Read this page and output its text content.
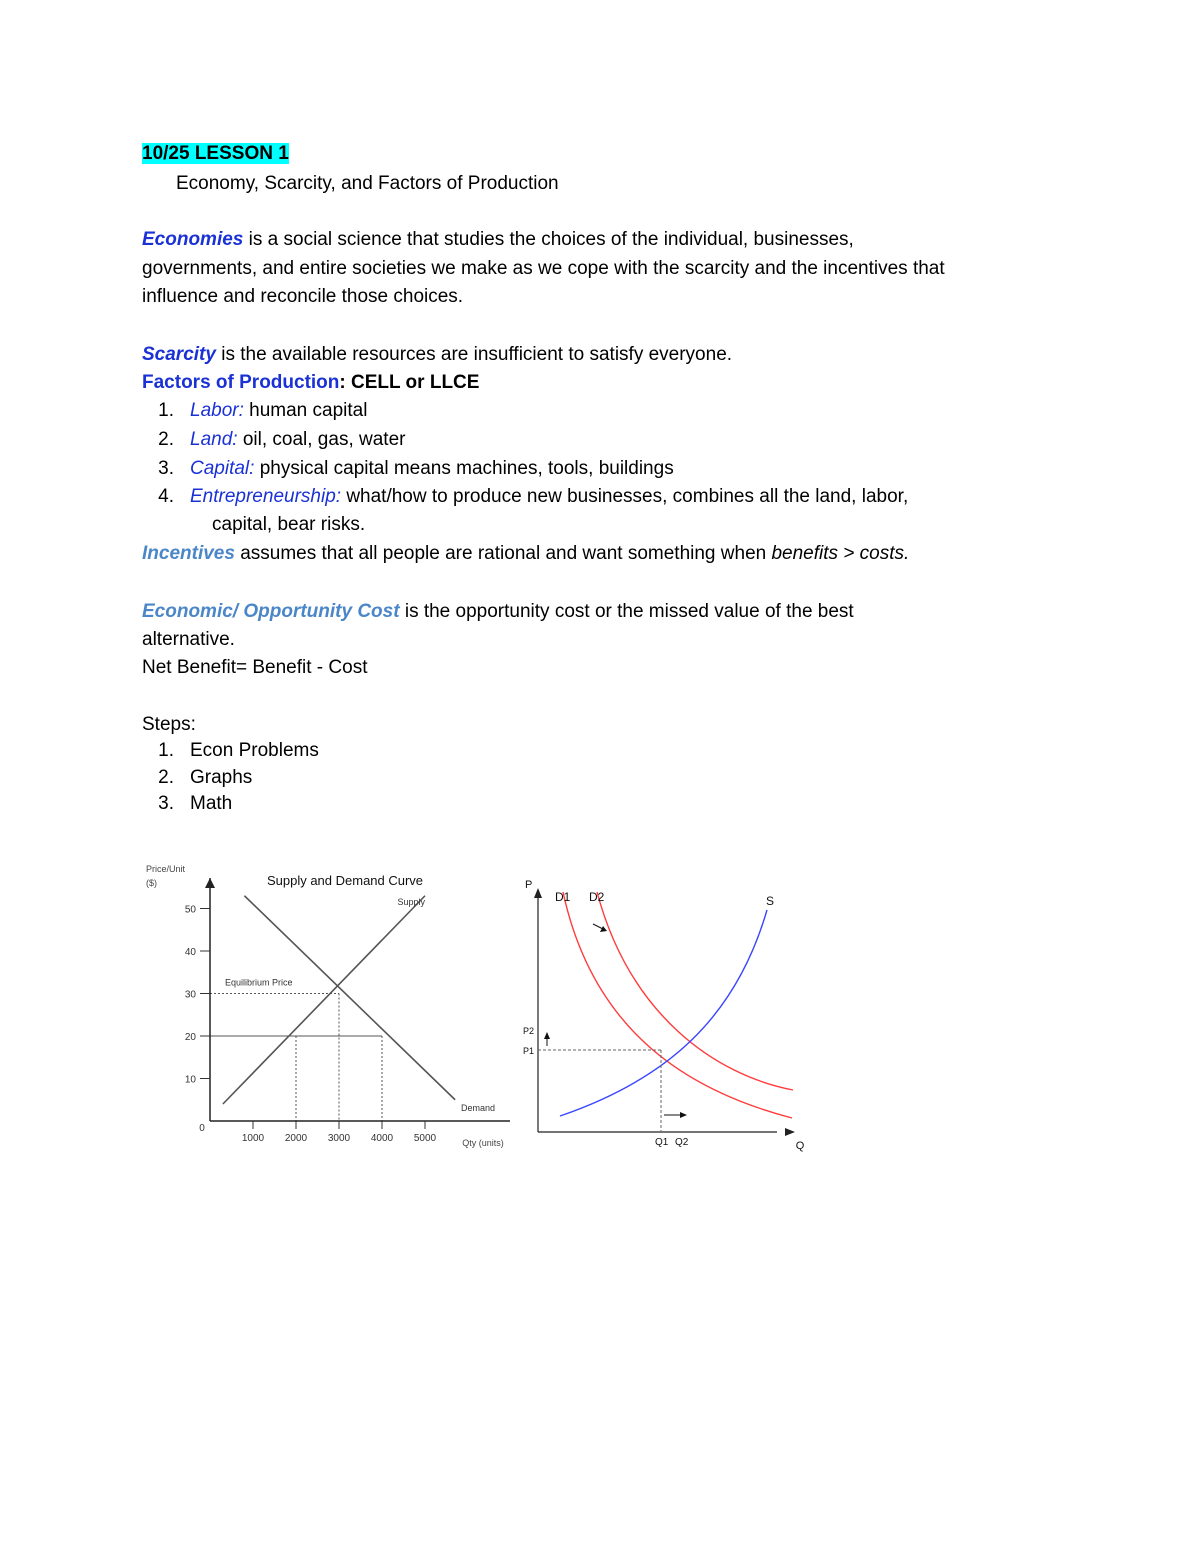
10/25 LESSON 1
Economy, Scarcity, and Factors of Production
Economies is a social science that studies the choices of the individual, businesses,
governments, and entire societies we make as we cope with the scarcity and the incentives that
influence and reconcile those choices.
Scarcity is the available resources are insufficient to satisfy everyone.
Factors of Production: CELL or LLCE
1. Labor: human capital
2. Land: oil, coal, gas, water
3. Capital: physical capital means machines, tools, buildings
4. Entrepreneurship: what/how to produce new businesses, combines all the land, labor,
capital, bear risks.
Incentives assumes that all people are rational and want something when benefits > costs.
Economic/ Opportunity Cost is the opportunity cost or the missed value of the best
alternative.
Net Benefit= Benefit - Cost
Steps:
1. Econ Problems
2. Graphs
3. Math
10
20
30
40
50
1000 2000 3000 4000 5000
0
Supply and Demand Curve
Supply
Demand
Equilibrium Price
Price/Unit
($)
Qty (units)
P
Q
D1 D2	S
P2
P1
Q1 Q2
